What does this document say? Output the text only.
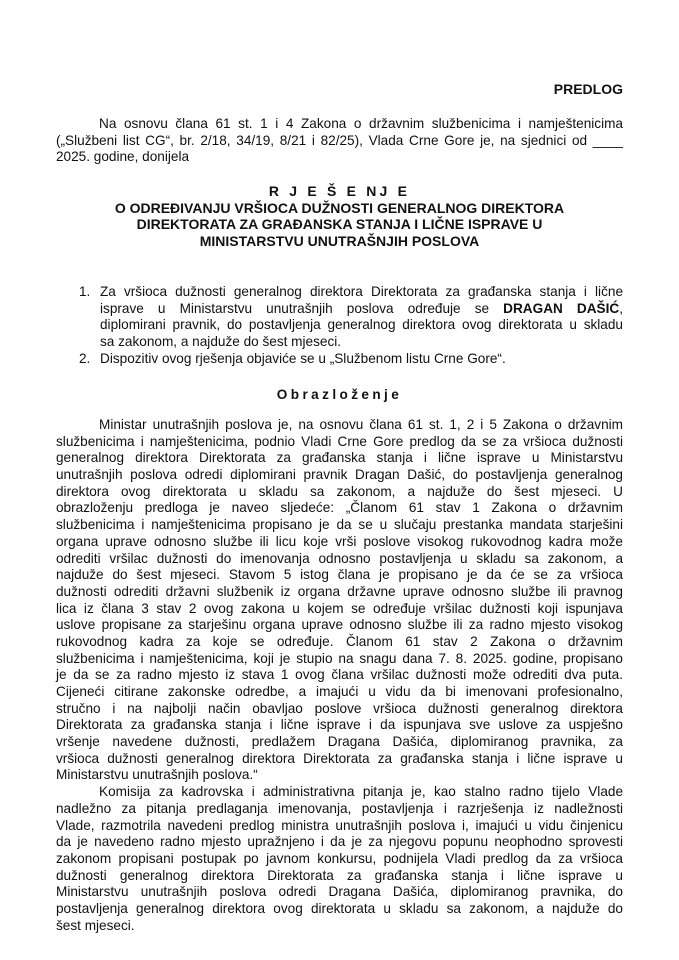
PREDLOG
Na osnovu člana 61 st. 1 i 4 Zakona o državnim službenicima i namještenicima
(„Službeni list CG“, br. 2/18, 34/19, 8/21 i 82/25), Vlada Crne Gore je, na sjednici od ____
2025. godine, donijela
R J E Š E NJ E
O ODREĐIVANJU VRŠIOCA DUŽNOSTI GENERALNOG DIREKTORA
DIREKTORATA ZA GRAĐANSKA STANJA I LIČNE ISPRAVE U
MINISTARSTVU UNUTRAŠNJIH POSLOVA
1. Za vršioca dužnosti generalnog direktora Direktorata za građanska stanja i lične
isprave u Ministarstvu unutrašnjih poslova određuje se DRAGAN DAŠIĆ,
diplomirani pravnik, do postavljenja generalnog direktora ovog direktorata u skladu
sa zakonom, a najduže do šest mjeseci.
2. Dispozitiv ovog rješenja objaviće se u „Službenom listu Crne Gore“.
Obrazloženje
Ministar unutrašnjih poslova je, na osnovu člana 61 st. 1, 2 i 5 Zakona o državnim
službenicima i namještenicima, podnio Vladi Crne Gore predlog da se za vršioca dužnosti
generalnog direktora Direktorata za građanska stanja i lične isprave u Ministarstvu
unutrašnjih poslova odredi diplomirani pravnik Dragan Dašić, do postavljenja generalnog
direktora ovog direktorata u skladu sa zakonom, a najduže do šest mjeseci. U
obrazloženju predloga je naveo sljedeće: „Članom 61 stav 1 Zakona o državnim
službenicima i namještenicima propisano je da se u slučaju prestanka mandata starješini
organa uprave odnosno službe ili licu koje vrši poslove visokog rukovodnog kadra može
odrediti vršilac dužnosti do imenovanja odnosno postavljenja u skladu sa zakonom, a
najduže do šest mjeseci. Stavom 5 istog člana je propisano je da će se za vršioca
dužnosti odrediti državni službenik iz organa državne uprave odnosno službe ili pravnog
lica iz člana 3 stav 2 ovog zakona u kojem se određuje vršilac dužnosti koji ispunjava
uslove propisane za starješinu organa uprave odnosno službe ili za radno mjesto visokog
rukovodnog kadra za koje se određuje. Članom 61 stav 2 Zakona o državnim
službenicima i namještenicima, koji je stupio na snagu dana 7. 8. 2025. godine, propisano
je da se za radno mjesto iz stava 1 ovog člana vršilac dužnosti može odrediti dva puta.
Cijeneći citirane zakonske odredbe, a imajući u vidu da bi imenovani profesionalno,
stručno i na najbolji način obavljao poslove vršioca dužnosti generalnog direktora
Direktorata za građanska stanja i lične isprave i da ispunjava sve uslove za uspješno
vršenje navedene dužnosti, predlažem Dragana Dašića, diplomiranog pravnika, za
vršioca dužnosti generalnog direktora Direktorata za građanska stanja i lične isprave u
Ministarstvu unutrašnjih poslova.“
Komisija za kadrovska i administrativna pitanja je, kao stalno radno tijelo Vlade
nadležno za pitanja predlaganja imenovanja, postavljenja i razrješenja iz nadležnosti
Vlade, razmotrila navedeni predlog ministra unutrašnjih poslova i, imajući u vidu činjenicu
da je navedeno radno mjesto upražnjeno i da je za njegovu popunu neophodno sprovesti
zakonom propisani postupak po javnom konkursu, podnijela Vladi predlog da za vršioca
dužnosti generalnog direktora Direktorata za građanska stanja i lične isprave u
Ministarstvu unutrašnjih poslova odredi Dragana Dašića, diplomiranog pravnika, do
postavljenja generalnog direktora ovog direktorata u skladu sa zakonom, a najduže do
šest mjeseci.
